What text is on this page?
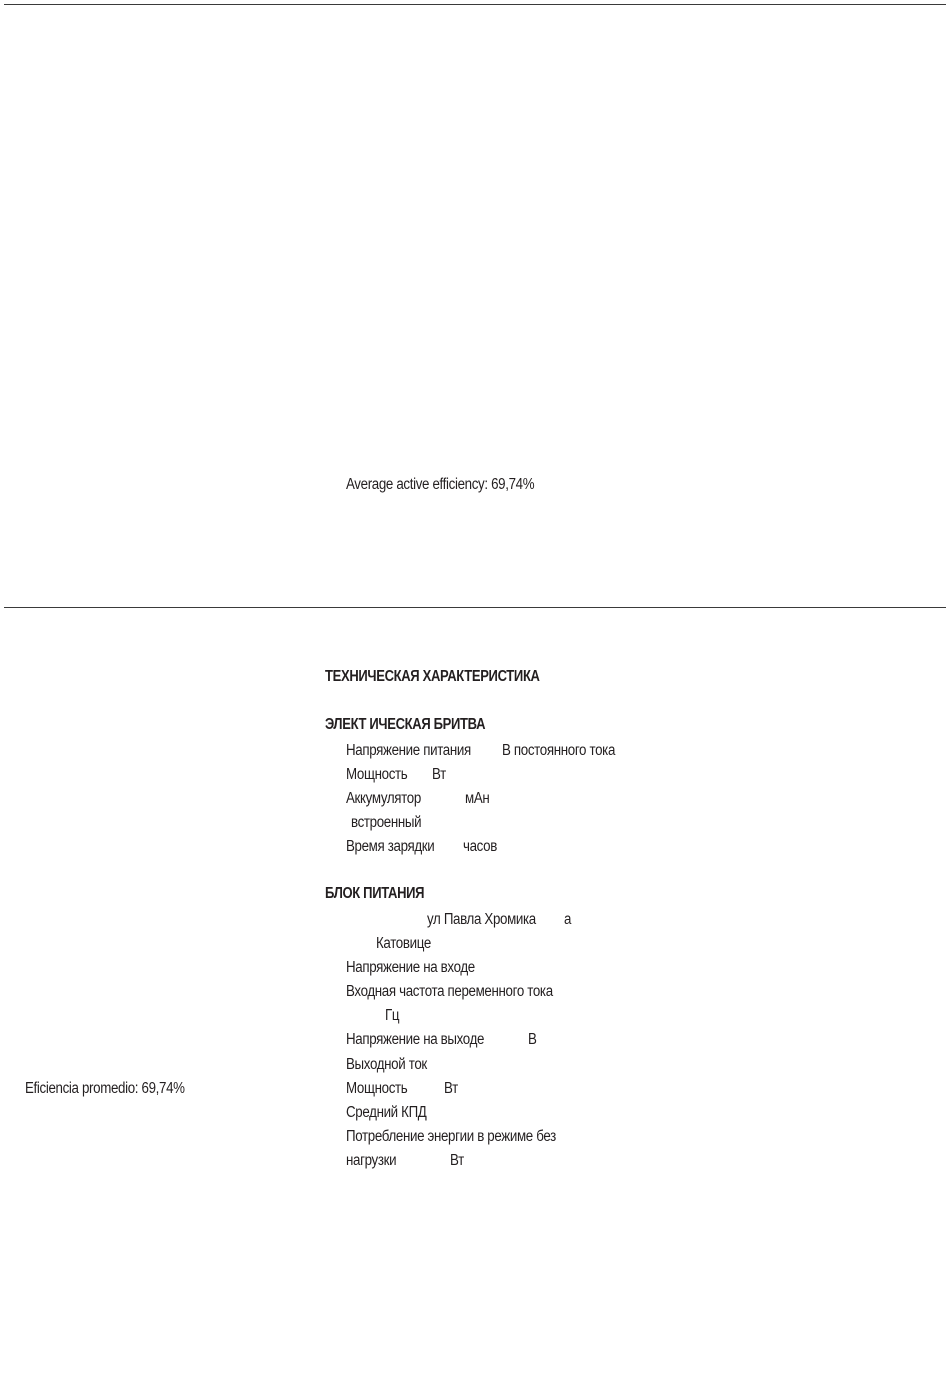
Average active efficiency: 69,74%
Eficiencia promedio: 69,74%
ТЕХНИЧЕСКАЯ ХАРАКТЕРИСТИКА
ЭЛЕКТ ИЧЕСКАЯ БРИТВА
Напряжение питания В постоянного тока
Мощность Вт
Аккумулятор	мАн
встроенный
Время зарядки часов
БЛОК ПИТАНИЯ
ул Павла Хромика а
Катовице
Напряжение на входе
Входная частота переменного тока
Гц
Напряжение на выходе	В
Выходной ток
Мощность Вт
Средний КПД
Потребление энергии в режиме без
нагрузки	Вт
